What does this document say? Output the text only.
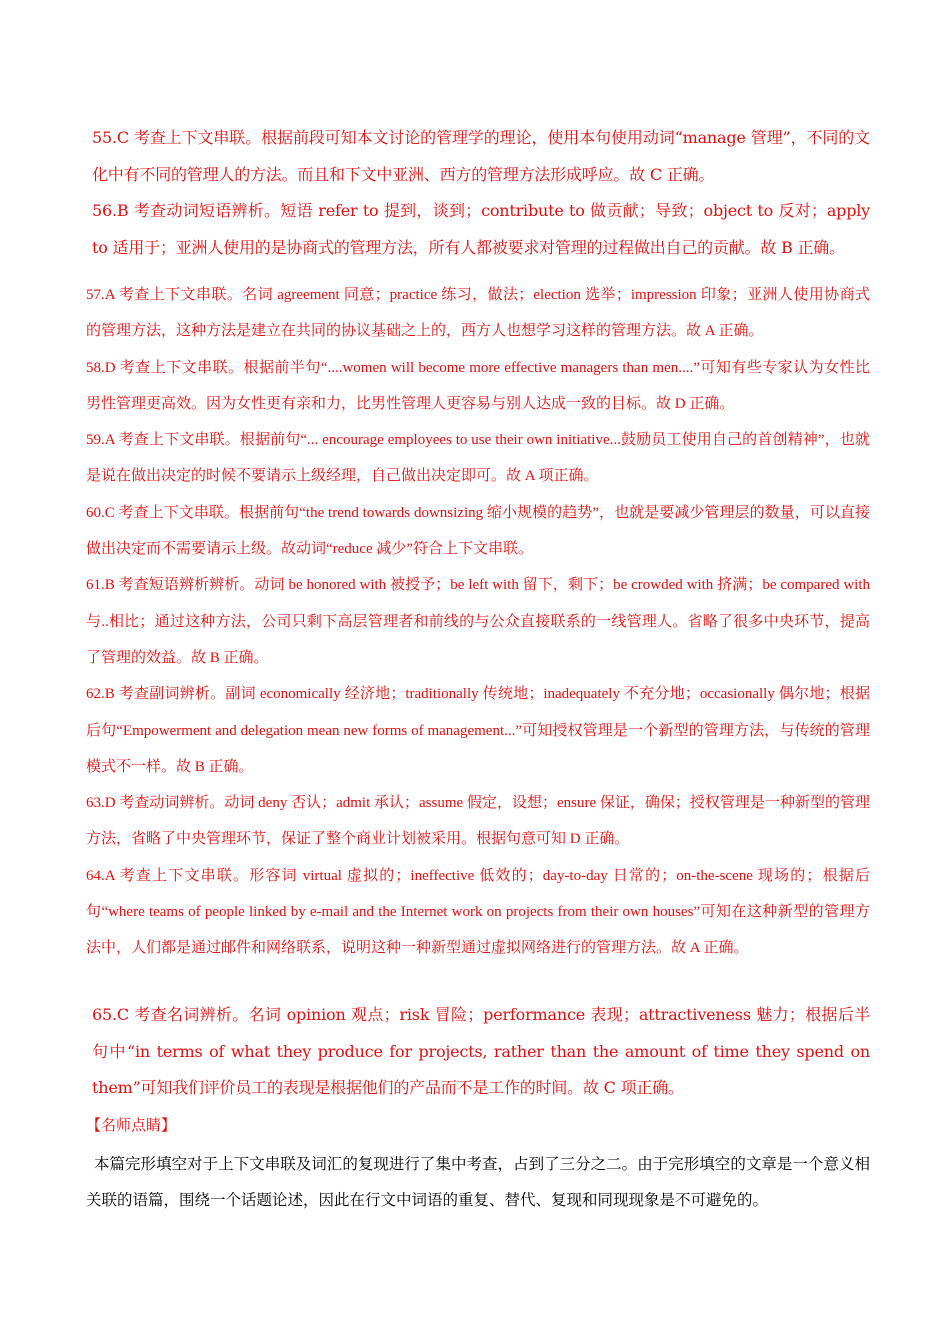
55.C 考查上下文串联。根据前段可知本文讨论的管理学的理论，使用本句使用动词“manage 管理”，不同的文化中有不同的管理人的方法。而且和下文中亚洲、西方的管理方法形成呼应。故 C 正确。

56.B 考查动词短语辨析。短语 refer to 提到，谈到；contribute to 做贡献；导致；object to 反对；apply to 适用于；亚洲人使用的是协商式的管理方法，所有人都被要求对管理的过程做出自己的贡献。故 B 正确。

57.A 考查上下文串联。名词 agreement 同意；practice 练习，做法；election 选举；impression 印象；亚洲人使用协商式的管理方法，这种方法是建立在共同的协议基础之上的，西方人也想学习这样的管理方法。故 A 正确。

58.D 考查上下文串联。根据前半句“....women will become more effective managers than men....”可知有些专家认为女性比男性管理更高效。因为女性更有亲和力，比男性管理人更容易与别人达成一致的目标。故 D 正确。

59.A 考查上下文串联。根据前句“... encourage employees to use their own initiative...鼓励员工使用自己的首创精神”，也就是说在做出决定的时候不要请示上级经理，自己做出决定即可。故 A 项正确。

60.C 考查上下文串联。根据前句“the trend towards downsizing 缩小规模的趋势”，也就是要减少管理层的数量，可以直接做出决定而不需要请示上级。故动词“reduce 减少”符合上下文串联。

61.B 考查短语辨析辨析。动词 be honored with 被授予；be left with 留下，剩下；be crowded with 挤满；be compared with 与..相比；通过这种方法，公司只剩下高层管理者和前线的与公众直接联系的一线管理人。省略了很多中央环节，提高了管理的效益。故 B 正确。

62.B 考查副词辨析。副词 economically 经济地；traditionally 传统地；inadequately 不充分地；occasionally 偶尔地；根据后句“Empowerment and delegation mean new forms of management...”可知授权管理是一个新型的管理方法，与传统的管理模式不一样。故 B 正确。

63.D 考查动词辨析。动词 deny 否认；admit 承认；assume 假定，设想；ensure 保证，确保；授权管理是一种新型的管理方法，省略了中央管理环节，保证了整个商业计划被采用。根据句意可知 D 正确。

64.A 考查上下文串联。形容词 virtual 虚拟的；ineffective 低效的；day-to-day 日常的；on-the-scene 现场的；根据后句“where teams of people linked by e-mail and the Internet work on projects from their own houses”可知在这种新型的管理方法中，人们都是通过邮件和网络联系，说明这种一种新型通过虚拟网络进行的管理方法。故 A 正确。

65.C 考查名词辨析。名词 opinion 观点；risk 冒险；performance 表现；attractiveness 魅力；根据后半句中“in terms of what they produce for projects, rather than the amount of time they spend on them”可知我们评价员工的表现是根据他们的产品而不是工作的时间。故 C 项正确。

【名师点睛】

本篇完形填空对于上下文串联及词汇的复现进行了集中考查，占到了三分之二。由于完形填空的文章是一个意义相关联的语篇，围绕一个话题论述，因此在行文中词语的重复、替代、复现和同现现象是不可避免的。
